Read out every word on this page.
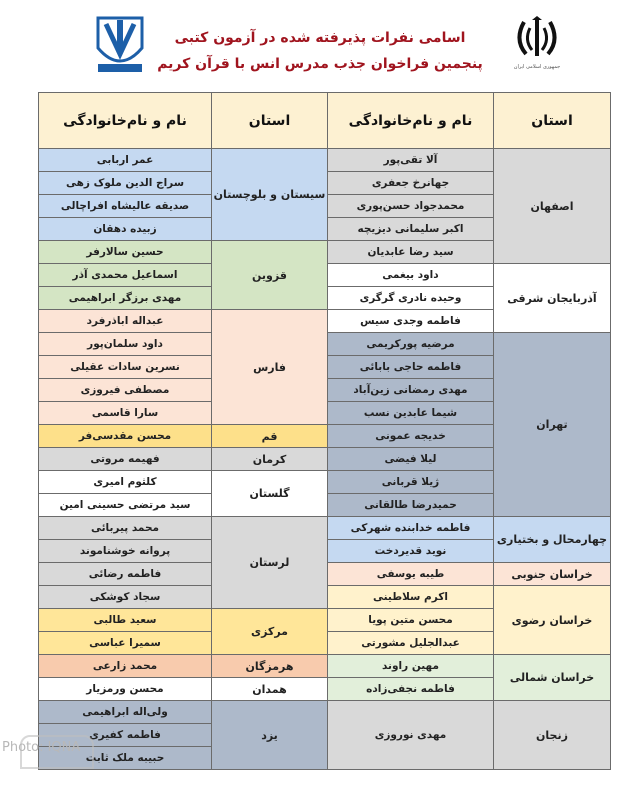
اسامی نفرات پذیرفته شده در آزمون کتبی
پنجمین فراخوان جذب مدرس انس با قرآن کریم	جمهوری اسلامی ایران
استان	نام و نام‌خانوادگی	استان	نام و نام‌خانوادگی
اصفهان	آلا تقی‌پور	سیستان و بلوچستان	عمر اربابی
	جهانرخ جعفری		سراج الدین ملوک زهی
	محمدجواد حسن‌پوری		صدیقه عالیشاه افراچالی
	اکبر سلیمانی دیزیچه		زبیده دهقان
	سید رضا عابدیان	قزوین	حسین سالارفر
آذربایجان شرقی	داود بیغمی		اسماعیل محمدی آذر
	وحیده نادری گرگری		مهدی برزگر ابراهیمی
	فاطمه وجدی سیس	فارس	عبداله اباذرفرد
تهران	مرضیه پورکریمی		داود سلمان‌پور
	فاطمه حاجی بابائی		نسرین سادات عقیلی
	مهدی رمضانی زین‌آباد		مصطفی فیروزی
	شیما عابدین نسب		سارا قاسمی
	خدیجه عمونی	قم	محسن مقدسی‌فر
	لیلا فیضی	کرمان	فهیمه مروتی
	ژیلا قربانی	گلستان	کلثوم امیری
	حمیدرضا طالقانی		سید مرتضی حسینی امین
چهارمحال و بختیاری	فاطمه خدابنده شهرکی	لرستان	محمد پیربائی
	نوید قدیردخت		پروانه خوشناموند
خراسان جنوبی	طیبه یوسفی		فاطمه رضائی
خراسان رضوی	اکرم سلاطینی		سجاد کوشکی
	محسن متین پویا	مرکزی	سعید طالبی
	عبدالجلیل مشورتی		سمیرا عباسی
خراسان شمالی	مهین راوند	هرمزگان	محمد زارعی
	فاطمه نجفی‌زاده	همدان	محسن ورمزیار
زنجان	مهدی نوروزی	یزد	ولی‌اله ابراهیمی
			فاطمه کفیری
			حبیبه ملک ثابت
Photo: IQNA
